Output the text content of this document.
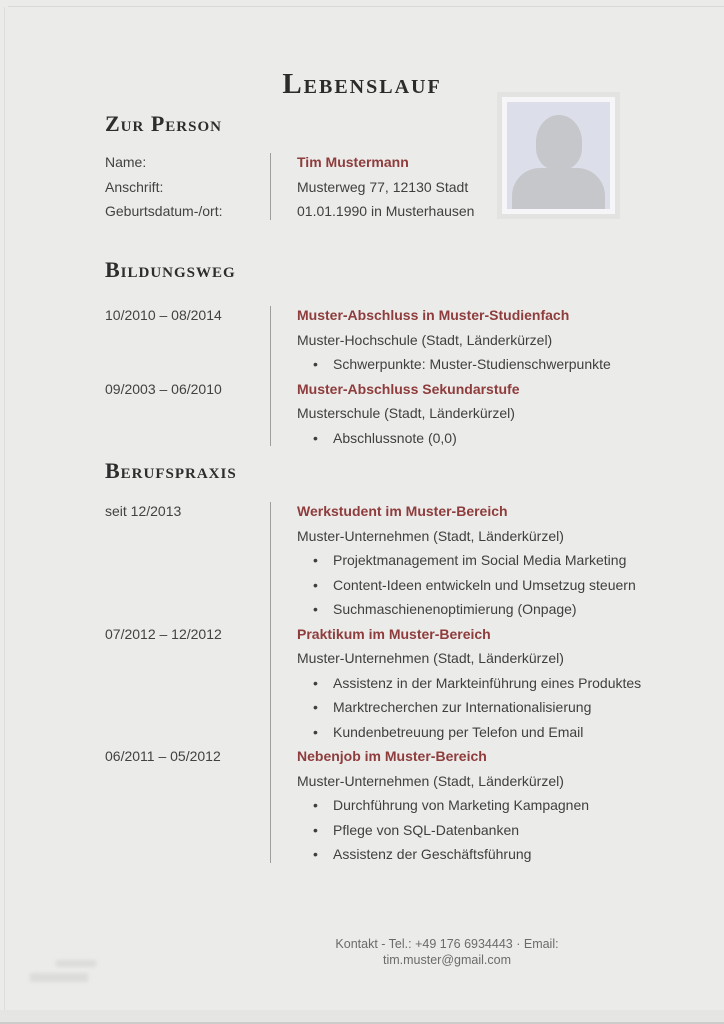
Lebenslauf
Zur Person
Name:	Tim Mustermann
Anschrift:	Musterweg 77, 12130 Stadt
Geburtsdatum-/ort:	01.01.1990 in Musterhausen
Bildungsweg
10/2010 – 08/2014	Muster-Abschluss in Muster-Studienfach
Muster-Hochschule (Stadt, Länderkürzel)
• Schwerpunkte: Muster-Studienschwerpunkte
09/2003 – 06/2010	Muster-Abschluss Sekundarstufe
Musterschule (Stadt, Länderkürzel)
• Abschlussnote (0,0)
Berufspraxis
seit 12/2013	Werkstudent im Muster-Bereich
Muster-Unternehmen (Stadt, Länderkürzel)
• Projektmanagement im Social Media Marketing
• Content-Ideen entwickeln und Umsetzug steuern
• Suchmaschienenoptimierung (Onpage)
07/2012 – 12/2012	Praktikum im Muster-Bereich
Muster-Unternehmen (Stadt, Länderkürzel)
• Assistenz in der Markteinführung eines Produktes
• Marktrecherchen zur Internationalisierung
• Kundenbetreuung per Telefon und Email
06/2011 – 05/2012	Nebenjob im Muster-Bereich
Muster-Unternehmen (Stadt, Länderkürzel)
• Durchführung von Marketing Kampagnen
• Pflege von SQL-Datenbanken
• Assistenz der Geschäftsführung
Kontakt - Tel.: +49 176 6934443 · Email: tim.muster@gmail.com
